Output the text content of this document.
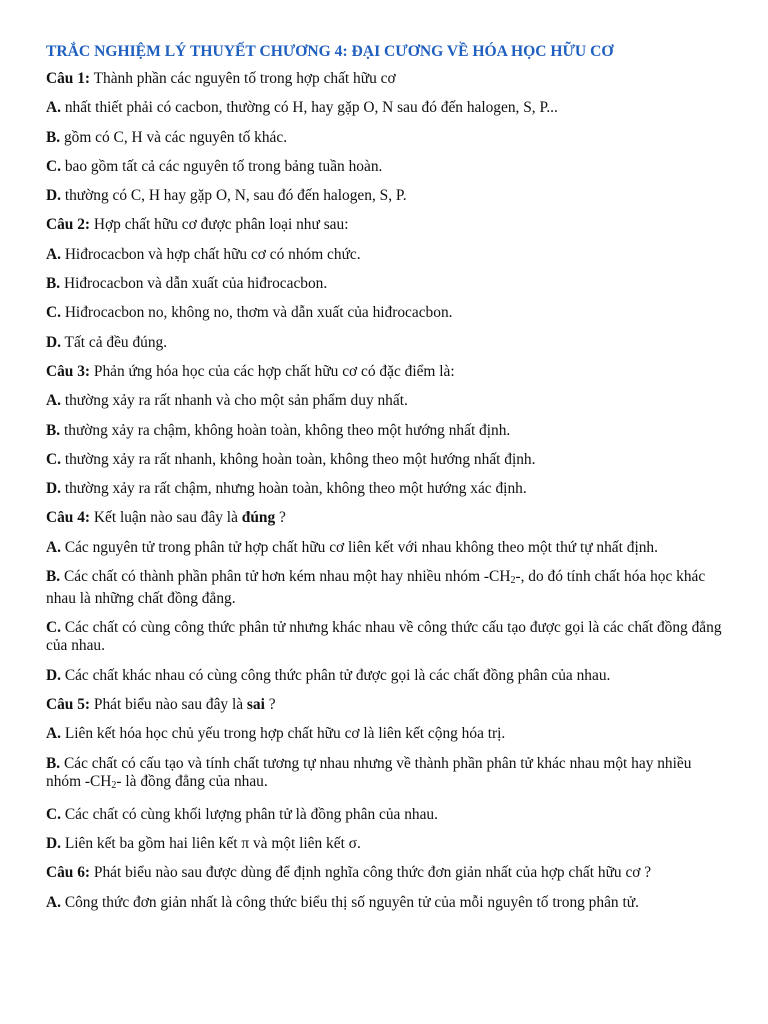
TRẮC NGHIỆM LÝ THUYẾT CHƯƠNG 4: ĐẠI CƯƠNG VỀ HÓA HỌC HỮU CƠ
Câu 1: Thành phần các nguyên tố trong hợp chất hữu cơ
A. nhất thiết phải có cacbon, thường có H, hay gặp O, N sau đó đến halogen, S, P...
B. gồm có C, H và các nguyên tố khác.
C. bao gồm tất cả các nguyên tố trong bảng tuần hoàn.
D. thường có C, H hay gặp O, N, sau đó đến halogen, S, P.
Câu 2: Hợp chất hữu cơ được phân loại như sau:
A. Hiđrocacbon và hợp chất hữu cơ có nhóm chức.
B. Hiđrocacbon và dẫn xuất của hiđrocacbon.
C. Hiđrocacbon no, không no, thơm và dẫn xuất của hiđrocacbon.
D. Tất cả đều đúng.
Câu 3: Phản ứng hóa học của các hợp chất hữu cơ có đặc điểm là:
A. thường xảy ra rất nhanh và cho một sản phẩm duy nhất.
B. thường xảy ra chậm, không hoàn toàn, không theo một hướng nhất định.
C. thường xảy ra rất nhanh, không hoàn toàn, không theo một hướng nhất định.
D. thường xảy ra rất chậm, nhưng hoàn toàn, không theo một hướng xác định.
Câu 4: Kết luận nào sau đây là đúng ?
A. Các nguyên tử trong phân tử hợp chất hữu cơ liên kết với nhau không theo một thứ tự nhất định.
B. Các chất có thành phần phân tử hơn kém nhau một hay nhiều nhóm $-CH_2-$, do đó tính chất hóa học khác nhau là những chất đồng đẳng.
C. Các chất có cùng công thức phân tử nhưng khác nhau về công thức cấu tạo được gọi là các chất đồng đẳng của nhau.
D. Các chất khác nhau có cùng công thức phân tử được gọi là các chất đồng phân của nhau.
Câu 5: Phát biểu nào sau đây là sai ?
A. Liên kết hóa học chủ yếu trong hợp chất hữu cơ là liên kết cộng hóa trị.
B. Các chất có cấu tạo và tính chất tương tự nhau nhưng về thành phần phân tử khác nhau một hay nhiều nhóm $-CH_2-$ là đồng đẳng của nhau.
C. Các chất có cùng khối lượng phân tử là đồng phân của nhau.
D. Liên kết ba gồm hai liên kết π và một liên kết σ.
Câu 6: Phát biểu nào sau được dùng để định nghĩa công thức đơn giản nhất của hợp chất hữu cơ ?
A. Công thức đơn giản nhất là công thức biểu thị số nguyên tử của mỗi nguyên tố trong phân tử.
